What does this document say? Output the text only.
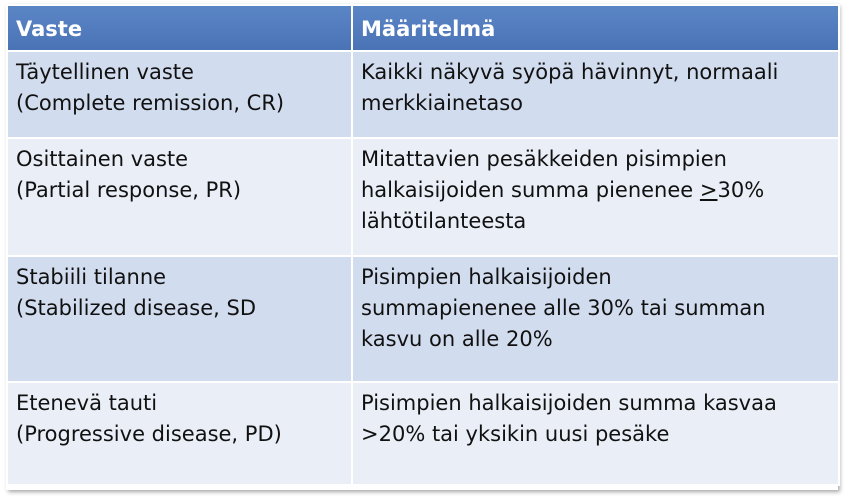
Vaste	Määritelmä

Täytellinen vaste
(Complete remission, CR)	Kaikki näkyvä syöpä hävinnyt, normaali
merkkiainetaso

Osittainen vaste
(Partial response, PR)	Mitattavien pesäkkeiden pisimpien
halkaisijoiden summa pienenee ≥30%
lähtötilanteesta

Stabiili tilanne
(Stabilized disease, SD	Pisimpien halkaisijoiden
summapienenee alle 30% tai summan
kasvu on alle 20%

Etenevä tauti
(Progressive disease, PD)	Pisimpien halkaisijoiden summa kasvaa
>20% tai yksikin uusi pesäke
